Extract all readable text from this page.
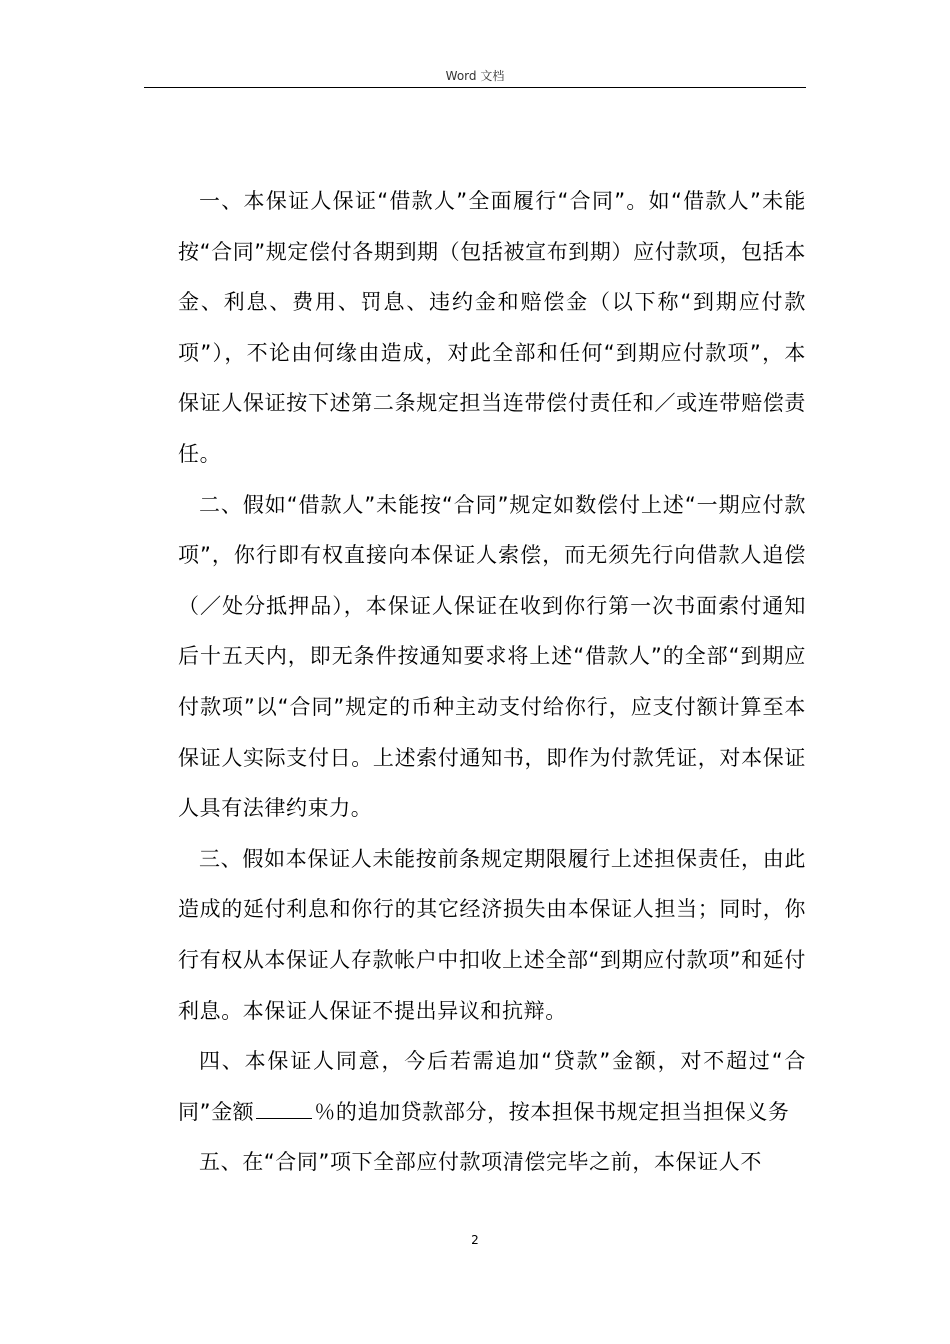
Word 文档

一、本保证人保证“借款人”全面履行“合同”。如“借款人”未能按“合同”规定偿付各期到期（包括被宣布到期）应付款项，包括本金、利息、费用、罚息、违约金和赔偿金（以下称“到期应付款项”），不论由何缘由造成，对此全部和任何“到期应付款项”，本保证人保证按下述第二条规定担当连带偿付责任和／或连带赔偿责任。

二、假如“借款人”未能按“合同”规定如数偿付上述“一期应付款项”，你行即有权直接向本保证人索偿，而无须先行向借款人追偿（／处分抵押品），本保证人保证在收到你行第一次书面索付通知后十五天内，即无条件按通知要求将上述“借款人”的全部“到期应付款项”以“合同”规定的币种主动支付给你行，应支付额计算至本保证人实际支付日。上述索付通知书，即作为付款凭证，对本保证人具有法律约束力。

三、假如本保证人未能按前条规定期限履行上述担保责任，由此造成的延付利息和你行的其它经济损失由本保证人担当；同时，你行有权从本保证人存款帐户中扣收上述全部“到期应付款项”和延付利息。本保证人保证不提出异议和抗辩。

四、本保证人同意，今后若需追加“贷款”金额，对不超过“合同”金额	％的追加贷款部分，按本担保书规定担当担保义务

五、在“合同”项下全部应付款项清偿完毕之前，本保证人不

2
